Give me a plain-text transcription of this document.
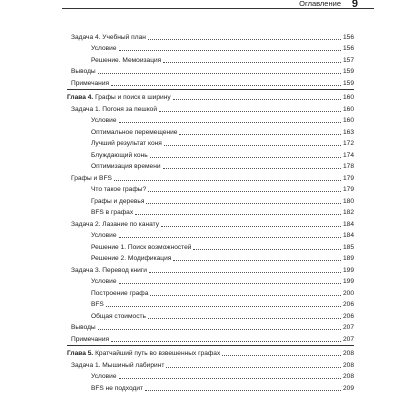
Оглавление 9
Задача 4. Учебный план	156
Условие	156
Решение. Мемоизация	157
Выводы	159
Примечания	159
Глава 4. Графы и поиск в ширину	160
Задача 1. Погоня за пешкой	160
Условие	160
Оптимальное перемещение	163
Лучший результат коня	172
Блуждающий конь	174
Оптимизация времени	178
Графы и BFS	179
Что такое графы?	179
Графы и деревья	180
BFS в графах	182
Задача 2. Лазание по канату	184
Условие	184
Решение 1. Поиск возможностей	185
Решение 2. Модификация	189
Задача 3. Перевод книги	199
Условие	199
Построение графа	200
BFS	206
Общая стоимость	206
Выводы	207
Примечания	207
Глава 5. Кратчайший путь во взвешенных графах	208
Задача 1. Мышиный лабиринт	208
Условие	208
BFS не подходит	209
